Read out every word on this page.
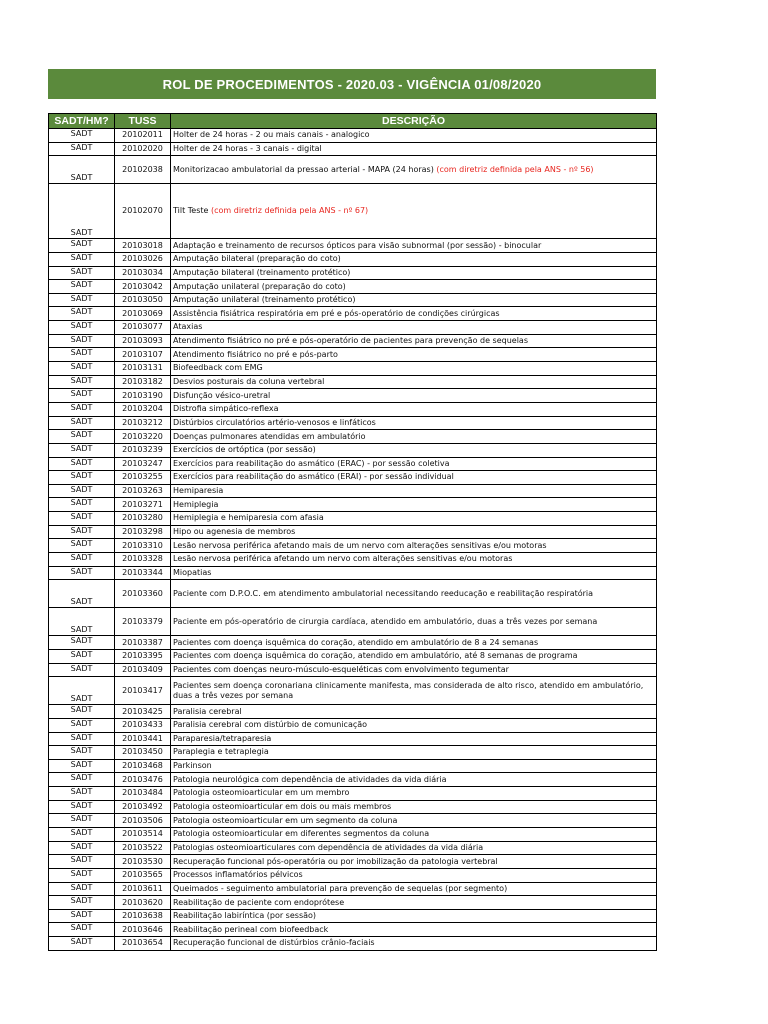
ROL DE PROCEDIMENTOS - 2020.03 - VIGÊNCIA 01/08/2020
SADT/HM?	TUSS	DESCRIÇÃO
SADT	20102011	Holter de 24 horas - 2 ou mais canais - analogico
SADT	20102020	Holter de 24 horas - 3 canais - digital
SADT	20102038	Monitorizacao ambulatorial da pressao arterial - MAPA (24 horas) (com diretriz definida pela ANS - nº 56)
SADT	20102070	Tilt Teste (com diretriz definida pela ANS - nº 67)
SADT	20103018	Adaptação e treinamento de recursos ópticos para visão subnormal (por sessão) - binocular
SADT	20103026	Amputação bilateral (preparação do coto)
SADT	20103034	Amputação bilateral (treinamento protético)
SADT	20103042	Amputação unilateral (preparação do coto)
SADT	20103050	Amputação unilateral (treinamento protético)
SADT	20103069	Assistência fisiátrica respiratória em pré e pós-operatório de condições cirúrgicas
SADT	20103077	Ataxias
SADT	20103093	Atendimento fisiátrico no pré e pós-operatório de pacientes para prevenção de sequelas
SADT	20103107	Atendimento fisiátrico no pré e pós-parto
SADT	20103131	Biofeedback com EMG
SADT	20103182	Desvios posturais da coluna vertebral
SADT	20103190	Disfunção vésico-uretral
SADT	20103204	Distrofia simpático-reflexa
SADT	20103212	Distúrbios circulatórios artério-venosos e linfáticos
SADT	20103220	Doenças pulmonares atendidas em ambulatório
SADT	20103239	Exercícios de ortóptica (por sessão)
SADT	20103247	Exercícios para reabilitação do asmático (ERAC) - por sessão coletiva
SADT	20103255	Exercícios para reabilitação do asmático (ERAI) - por sessão individual
SADT	20103263	Hemiparesia
SADT	20103271	Hemiplegia
SADT	20103280	Hemiplegia e hemiparesia com afasia
SADT	20103298	Hipo ou agenesia de membros
SADT	20103310	Lesão nervosa periférica afetando mais de um nervo com alterações sensitivas e/ou motoras
SADT	20103328	Lesão nervosa periférica afetando um nervo com alterações sensitivas e/ou motoras
SADT	20103344	Miopatias
SADT	20103360	Paciente com D.P.O.C. em atendimento ambulatorial necessitando reeducação e reabilitação respiratória
SADT	20103379	Paciente em pós-operatório de cirurgia cardíaca, atendido em ambulatório, duas a três vezes por semana
SADT	20103387	Pacientes com doença isquêmica do coração, atendido em ambulatório de 8 a 24 semanas
SADT	20103395	Pacientes com doença isquêmica do coração, atendido em ambulatório, até 8 semanas de programa
SADT	20103409	Pacientes com doenças neuro-músculo-esqueléticas com envolvimento tegumentar
SADT	20103417	Pacientes sem doença coronariana clinicamente manifesta, mas considerada de alto risco, atendido em ambulatório, duas a três vezes por semana
SADT	20103425	Paralisia cerebral
SADT	20103433	Paralisia cerebral com distúrbio de comunicação
SADT	20103441	Paraparesia/tetraparesia
SADT	20103450	Paraplegia e tetraplegia
SADT	20103468	Parkinson
SADT	20103476	Patologia neurológica com dependência de atividades da vida diária
SADT	20103484	Patologia osteomioarticular em um membro
SADT	20103492	Patologia osteomioarticular em dois ou mais membros
SADT	20103506	Patologia osteomioarticular em um segmento da coluna
SADT	20103514	Patologia osteomioarticular em diferentes segmentos da coluna
SADT	20103522	Patologias osteomioarticulares com dependência de atividades da vida diária
SADT	20103530	Recuperação funcional pós-operatória ou por imobilização da patologia vertebral
SADT	20103565	Processos inflamatórios pélvicos
SADT	20103611	Queimados - seguimento ambulatorial para prevenção de sequelas (por segmento)
SADT	20103620	Reabilitação de paciente com endoprótese
SADT	20103638	Reabilitação labiríntica (por sessão)
SADT	20103646	Reabilitação perineal com biofeedback
SADT	20103654	Recuperação funcional de distúrbios crânio-faciais
